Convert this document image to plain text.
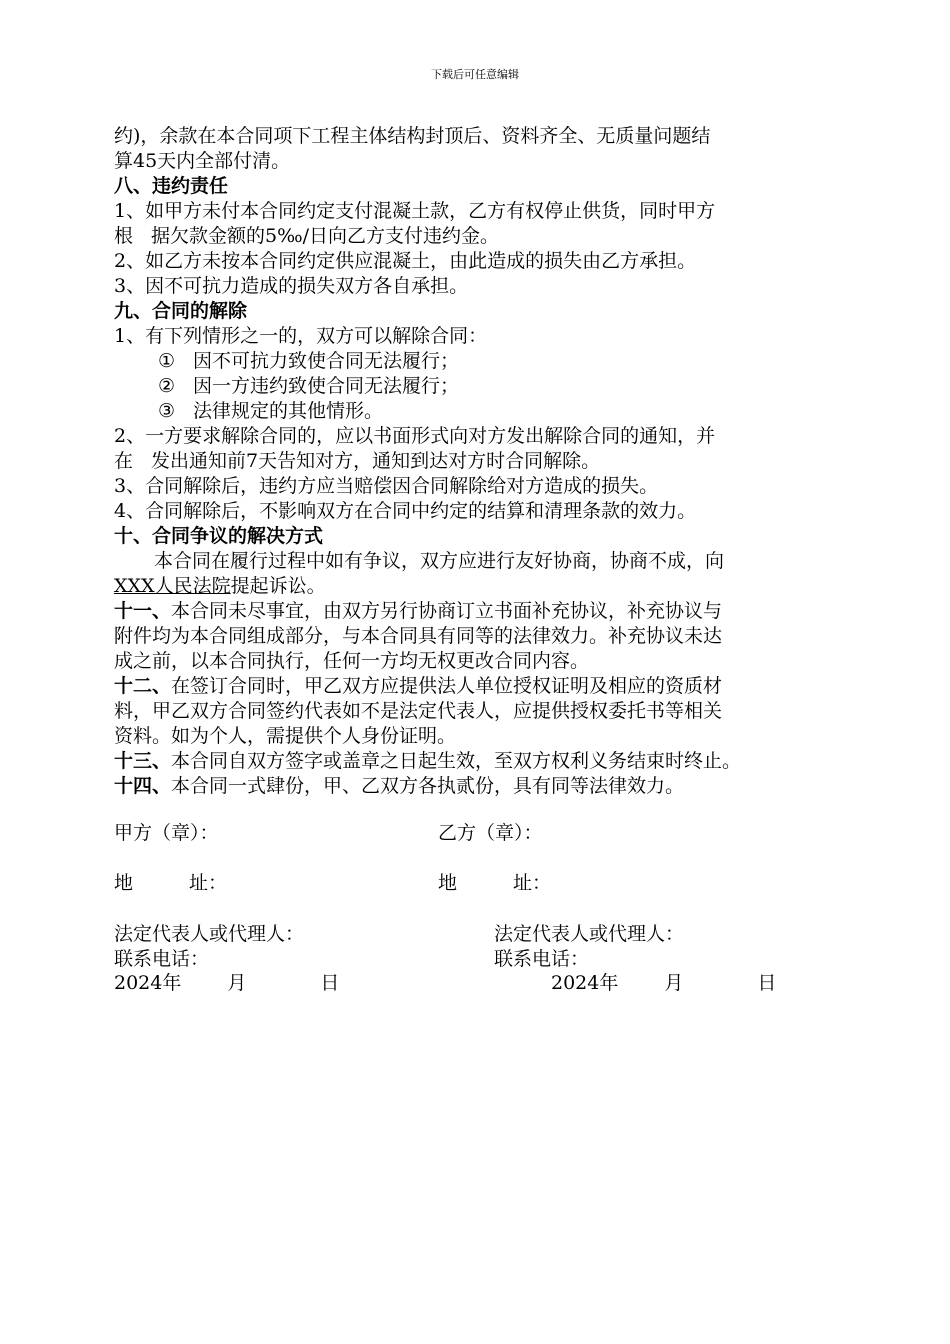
下载后可任意编辑
约)，余款在本合同项下工程主体结构封顶后、资料齐全、无质量问题结
算45天内全部付清。
八、违约责任
1、如甲方未付本合同约定支付混凝土款，乙方有权停止供货，同时甲方
根 据欠款金额的5‰/日向乙方支付违约金。
2、如乙方未按本合同约定供应混凝土，由此造成的损失由乙方承担。
3、因不可抗力造成的损失双方各自承担。
九、合同的解除
1、有下列情形之一的，双方可以解除合同：
① 因不可抗力致使合同无法履行；
② 因一方违约致使合同无法履行；
③ 法律规定的其他情形。
2、一方要求解除合同的，应以书面形式向对方发出解除合同的通知，并
在 发出通知前7天告知对方，通知到达对方时合同解除。
3、合同解除后，违约方应当赔偿因合同解除给对方造成的损失。
4、合同解除后，不影响双方在合同中约定的结算和清理条款的效力。
十、合同争议的解决方式
本合同在履行过程中如有争议，双方应进行友好协商，协商不成，向
XXX人民法院提起诉讼。
十一、本合同未尽事宜，由双方另行协商订立书面补充协议，补充协议与
附件均为本合同组成部分，与本合同具有同等的法律效力。补充协议未达
成之前，以本合同执行，任何一方均无权更改合同内容。
十二、在签订合同时，甲乙双方应提供法人单位授权证明及相应的资质材
料，甲乙双方合同签约代表如不是法定代表人，应提供授权委托书等相关
资料。如为个人，需提供个人身份证明。
十三、本合同自双方签字或盖章之日起生效，至双方权利义务结束时终止。
十四、本合同一式肆份，甲、乙双方各执贰份，具有同等法律效力。
甲方（章）：	乙方（章）：
地	址：	地	址：
法定代表人或代理人：	法定代表人或代理人：
联系电话：	联系电话：
2024年 月	日	2024年 月	日
